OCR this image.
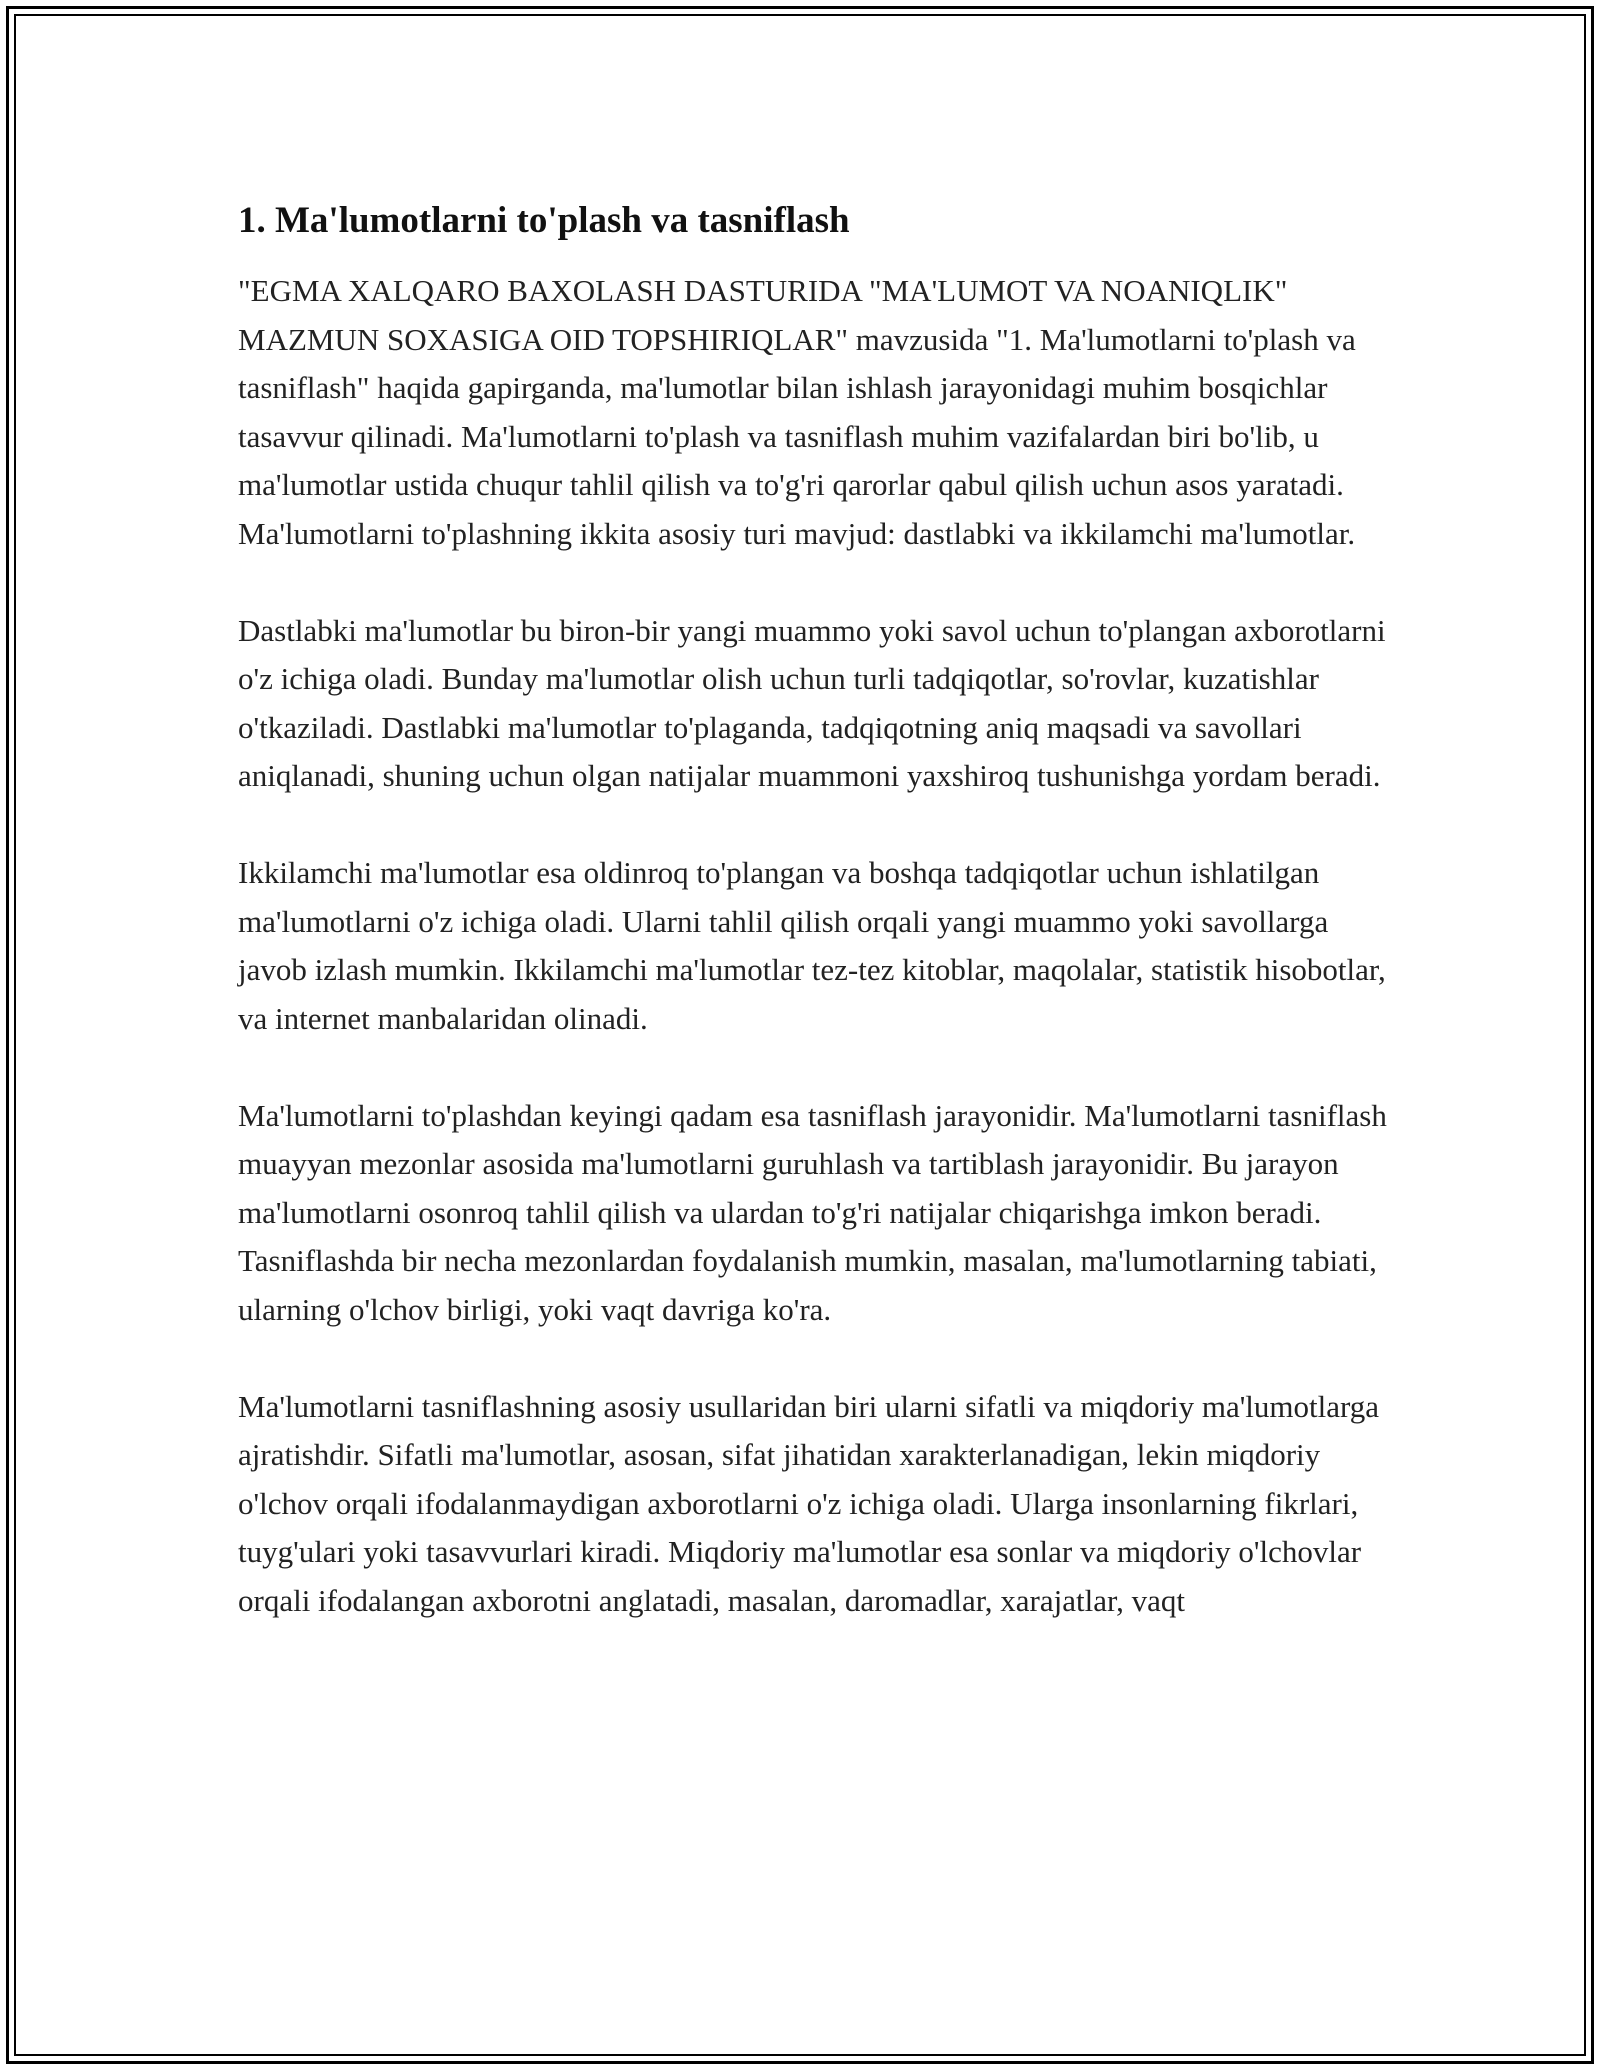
1. Ma'lumotlarni to'plash va tasniflash

"EGMA XALQARO BAXOLASH DASTURIDA "MA'LUMOT VA NOANIQLIK" MAZMUN SOXASIGA OID TOPSHIRIQLAR" mavzusida "1. Ma'lumotlarni to'plash va tasniflash" haqida gapirganda, ma'lumotlar bilan ishlash jarayonidagi muhim bosqichlar tasavvur qilinadi. Ma'lumotlarni to'plash va tasniflash muhim vazifalardan biri bo'lib, u ma'lumotlar ustida chuqur tahlil qilish va to'g'ri qarorlar qabul qilish uchun asos yaratadi. Ma'lumotlarni to'plashning ikkita asosiy turi mavjud: dastlabki va ikkilamchi ma'lumotlar.

Dastlabki ma'lumotlar bu biron-bir yangi muammo yoki savol uchun to'plangan axborotlarni o'z ichiga oladi. Bunday ma'lumotlar olish uchun turli tadqiqotlar, so'rovlar, kuzatishlar o'tkaziladi. Dastlabki ma'lumotlar to'plaganda, tadqiqotning aniq maqsadi va savollari aniqlanadi, shuning uchun olgan natijalar muammoni yaxshiroq tushunishga yordam beradi.

Ikkilamchi ma'lumotlar esa oldinroq to'plangan va boshqa tadqiqotlar uchun ishlatilgan ma'lumotlarni o'z ichiga oladi. Ularni tahlil qilish orqali yangi muammo yoki savollarga javob izlash mumkin. Ikkilamchi ma'lumotlar tez-tez kitoblar, maqolalar, statistik hisobotlar, va internet manbalaridan olinadi.

Ma'lumotlarni to'plashdan keyingi qadam esa tasniflash jarayonidir. Ma'lumotlarni tasniflash muayyan mezonlar asosida ma'lumotlarni guruhlash va tartiblash jarayonidir. Bu jarayon ma'lumotlarni osonroq tahlil qilish va ulardan to'g'ri natijalar chiqarishga imkon beradi. Tasniflashda bir necha mezonlardan foydalanish mumkin, masalan, ma'lumotlarning tabiati, ularning o'lchov birligi, yoki vaqt davriga ko'ra.

Ma'lumotlarni tasniflashning asosiy usullaridan biri ularni sifatli va miqdoriy ma'lumotlarga ajratishdir. Sifatli ma'lumotlar, asosan, sifat jihatidan xarakterlanadigan, lekin miqdoriy o'lchov orqali ifodalanmaydigan axborotlarni o'z ichiga oladi. Ularga insonlarning fikrlari, tuyg'ulari yoki tasavvurlari kiradi. Miqdoriy ma'lumotlar esa sonlar va miqdoriy o'lchovlar orqali ifodalangan axborotni anglatadi, masalan, daromadlar, xarajatlar, vaqt
